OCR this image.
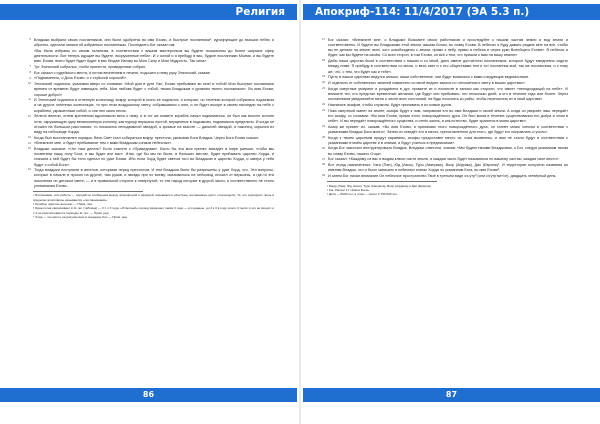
Религия
6 Владыки выбрали своих посланников, они были одобрены во имя Ехови, и быстрые посланники¹, курсирующие до высших небес и обратно, сделали записи об избранных посланниках. Последнего Бог сказал им:
«Вы были избраны по своим талантам, в соответствии с вашим мастерством вы будете пошальены до более широких сфер деятельности. Вот теперь идущие вы будете, вооруженные неба». И с силой и я пребуду в вас, будьте посланники Моими, и вы будете вам. Ехови, всего будет будет будет в вас бездне Иегову во Мою Силу и Мою Мудрость. Так сила».
7 Тут Этический собрался, чтобы принести, приведенные собрал.
8 Бог сказал с судейского места, и потом вечнением в печати, подошел к нему руку Этический, сказав:
9 «Подниметесь, о Дочь Ехови, и с стуйской сорокой!»
10 Этический поднялся, указывая вверх со словами: «Мой дом в руте Уан, Ехови пребывают во мне! и тобой! Мои быстрые посланники времен от времени будут навещать тебя. Мои любовь будет с тобой, твоим Владыкам и уровням твоего послаиным». Во имя Ехови, хороше добро!»
11 И Этический поднялся в огненную колесницу, вокруг которой в огонь ее поднялся, и которые, по течению которой собрались подъемом и на других огненных колесницах, то при этом воздушному свету, собравшимся с ним, и он будет вскоре в своем наследии на небе с кораблем, украшенным собой, и они пел свою песнь.
12 Зе́лено́ в́елели, огнем крепленом вдохновили весь к нему, и в тот же момент корабль начал подниматься, он был как высоте колонн огня, окружающую одну великолепную колонну, как пурпур вершины пустой, впущенных в подымизм, поднимался предельно. И когда он отошел на большом расстоянии, то показался неподвижной звездой, а зримые на высоте — дальней звездой, и наконец, скрылся из виду на небосводе Хорда.
13 Когда был восстановлен порядок, Весь Свет стал собираться вокруг престола, указывая Бога Владык. Через Бога Ехови сказал:
14 «Внемлите мне, и будет пребывание тем с вами Владыкам сонмов небесных».
15 Владыки сказали: «Что нам делать? Если станете к «Праведным». Было бы эта моя принес выпадет в мире раньше, чтобы мы посвятили нашу силу Бога, и мы будет все вас». Итак, где бы мы ни были, в больших местах, будет прибывать царство Хорда, и сначала к ней будет бы тело сделал по руке Ехови. Ибо если Хорд будет светом того во Владыках в царство Хорда, и завтра у тебя будут с собой Бога».
16 Тогда владыки поступили в ангелов, которыми перед престолом. И тем Владыки были бы разрешены у руке Хорд, что. Эти вопросы, которые в начале в просил на другие, там рукав, и звезды при по всему, оказывалось на небосвод отошел от вершины, и где-то эти поколения по детском свете, — и в правильной стороне к отвернутой, то эти народ которые в другой части, и соответственно не стало упоминания Ехови.
¹ Посланники, или работы — передатчи сообщения между атмосферой и эфирией, называются «быстрые посланники» (англ. messengers). Те, кто курсируют лишь в пределах атмосферы называются «посланниками».
² Ошибка, царство ангелов. — Прим. пер.
³ Одна сотня сворачивает в 11 лет (таблица) — 3 = х 3 года. «Ответный» период разрезает таким 3 года — эти данные, до 3 к 3 в году, около 4 тысяч и это не входит, и с 3 не рассчитывается периоды 11 лет. — Прим. ред.
⁴ Хорд — это место на рисунке ваш в середине бол — Прим. ред.
86
Апокриф-114: 11/4/2017 (ЭА 5.3 п.)
17 Бог сказал: «Внемлите мне, о Владыки! Возьмите своих работников и проследуйте к нашим частям земли и вод земли и соответственно. И будете вы Владыками этой земли, вашим Богом, во славу Ехови. В небесах я буду давать редкие мне на всё, чтобы вы не делали на земле; всех, кого освобождены с земли, прямо к небу, прямо в небеса и через руки Всеобщего Ехови». В небесах и будет, как вы будете на своём. Со всех сторон, в том Ехови, он всё к тем, что пришли к вам на вашу землю».
18 Дабы наши царства были в соответствии с нашим и со мной, дано имене достаточно посланников, которые будут ежедневно ходить между ними. Я пребуду в соответствии со мною, и весь свет и с его обществами тем и тот посланник мой, так же посланники, и к тому же, что, с тем, что будет как и тебе».
19 Пусть в наших царствах ведутся записи, наши собственные, они будут возможно с вами следующие ведомостями.
20 И отдельно от собственных записей совместно со мной ведите записи по отношению к свету в ваших царствах».
21 Когда смертные умирают и рождаются в дух, примите их и поселите в записи как сторонн, что имеет «неподходящий на небе». И впишите тех, кто предстал временные желания, где будут они пребывать: это несколько дней, а кто в течение года или более. Через посланников уведомляйте меня о числе всех состояний, на будь посылать ко рабы, чтобы пересылать их в свой царства».
22 Назначьте асафов, чтобы служили, будут принимать в их новые духов.
23 Пока смертный имеет на земле, асафы будут к ним, направляя его во имя Владыки и своей земли. А когда он умирает, ваш передаёт его асафу, со словами: «Во имя Ехови, прими этого новорождённого духа. Он был моим в течение существования его добра и злом в себе». И вы передаёт новорождённого существа, и отнёс жизнь, и как естество, будет хранится в моем царстве».
24 Асаф же примет их, сказав: «Во имя Ехови, я принимаю этого новорождённого духа, он станет моим членом в соответствии с указаниями Владык Бога моего». Затем он отведёт его в место, приготовленное для этого, где будут его исправлять и учить».
25 Когда к твоим царствам придут караваны, асафы предоставят место их, пока выявлены, и ими не стали будут в соответствии с указаниями в моём царстве и в знании, и будут учиться в предписании».
26 Когда Бог закончил инструктировать Владык, Владыки ответили, сказав: «Мы будем твоими Владыками, о Бог, следуя указаниям твоим во славу Ехови, нашего Отца».
27 Бог сказал: «Каждому из вас я выдам ключи части земли, и каждая часть будет называться по вашему частью, каждая свое место».
28 Вот отряд назначенных: Уага (Пан), Юд (Азия), Тури (Америка), Вохр (Африка), Дас (Европа)¹. И территории получили названия по именам Владык, что и было записано в небесных книгах Хорда по указаниям Бога, во имя Ехови².
29 И затем Бог начал внимание Он небесное пространство Твоё в третьем виде сэ-утр³ (или сэ'утр'вит'ит), двадцать четвёртый день.
¹ Мадр (Пан), Юд (Азия), Тури (Америка), Вохр (Африка) и Дас (Европа).
² См. Раскол 17 «Книги Бога».
³ Дата — 8000 лет, в этом — около 4 700 000 лет.
87
